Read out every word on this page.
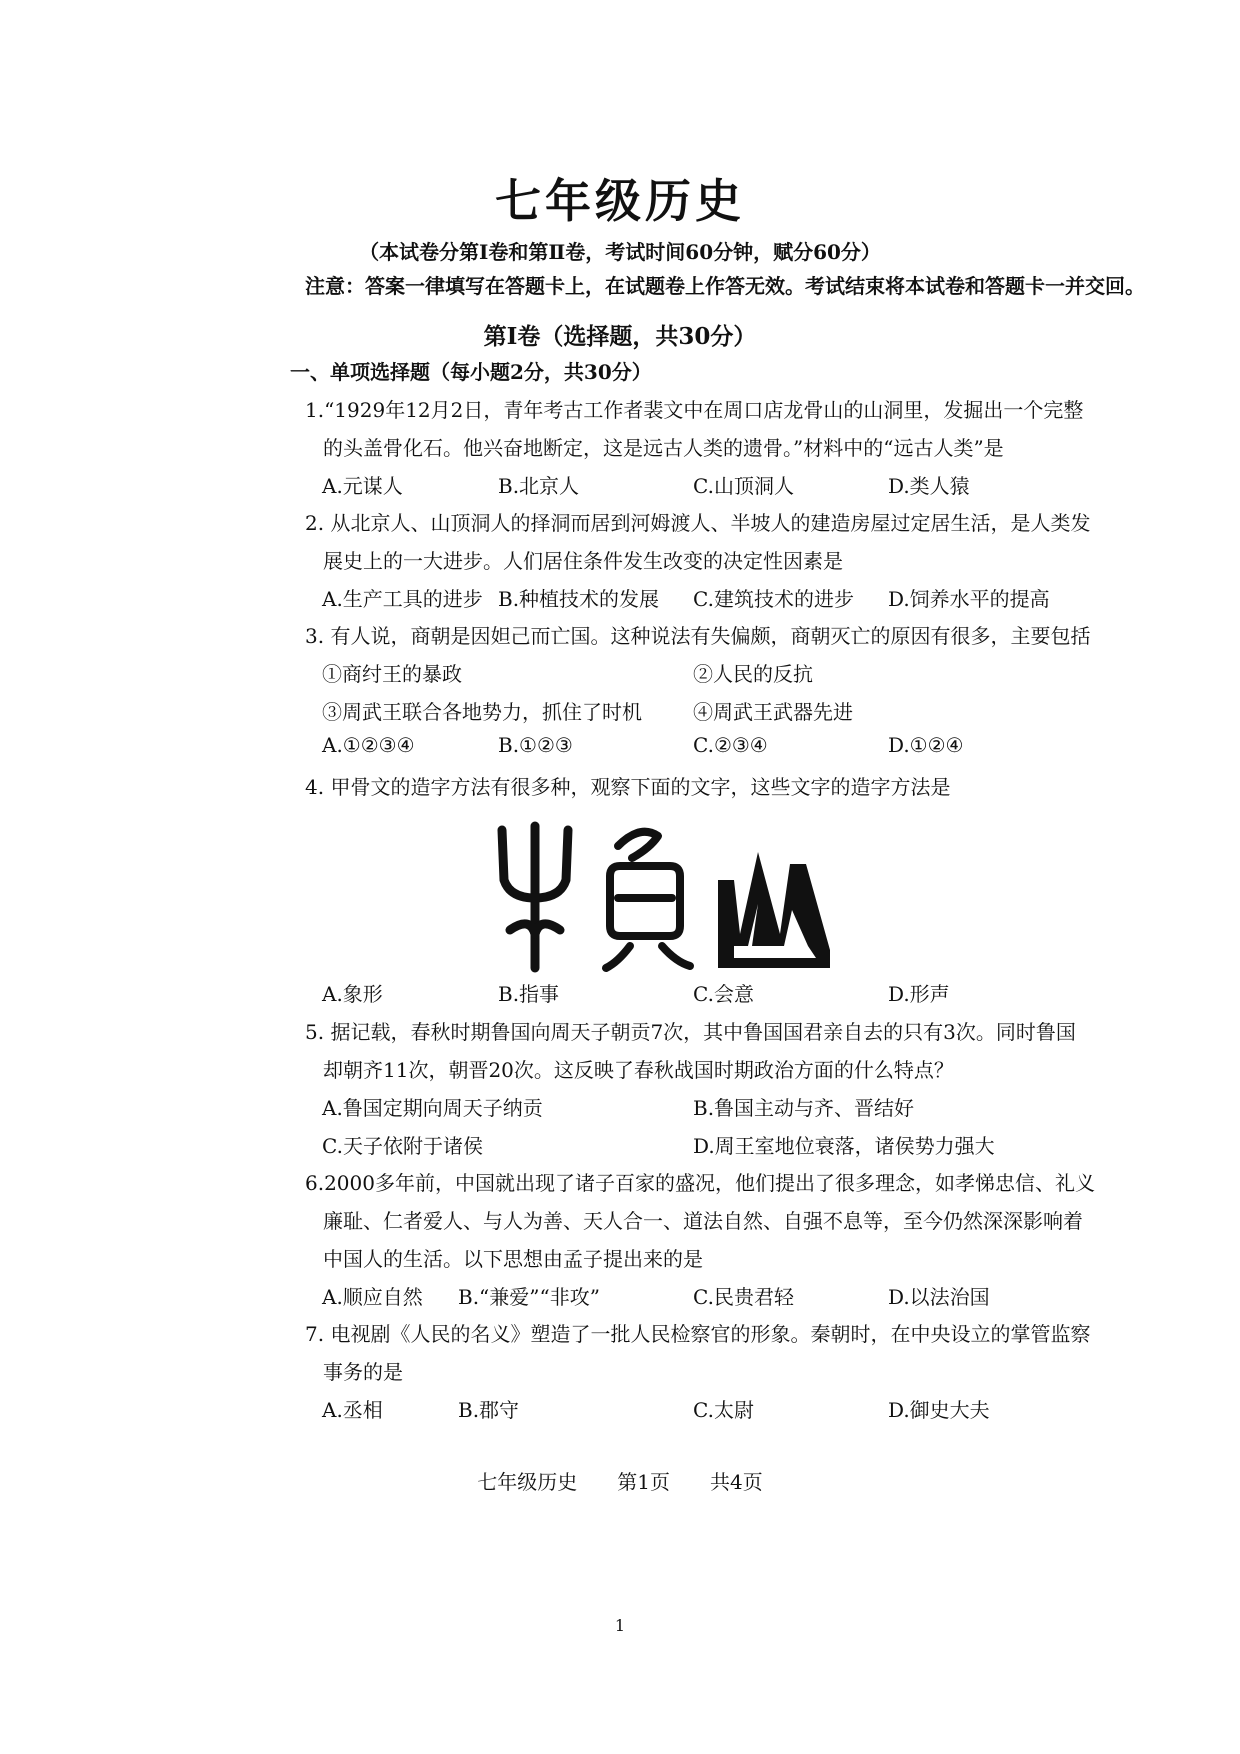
七年级历史
（本试卷分第Ⅰ卷和第Ⅱ卷，考试时间60分钟，赋分60分）
注意：答案一律填写在答题卡上，在试题卷上作答无效。考试结束将本试卷和答题卡一并交回。
第Ⅰ卷（选择题，共30分）
一、单项选择题（每小题2分，共30分）
1.“1929年12月2日，青年考古工作者裴文中在周口店龙骨山的山洞里，发掘出一个完整
的头盖骨化石。他兴奋地断定，这是远古人类的遗骨。”材料中的“远古人类”是
A.元谋人	B.北京人	C.山顶洞人	D.类人猿
2. 从北京人、山顶洞人的择洞而居到河姆渡人、半坡人的建造房屋过定居生活，是人类发
展史上的一大进步。人们居住条件发生改变的决定性因素是
A.生产工具的进步 B.种植技术的发展 C.建筑技术的进步 D.饲养水平的提高
3. 有人说，商朝是因妲己而亡国。这种说法有失偏颇，商朝灭亡的原因有很多，主要包括
①商纣王的暴政	②人民的反抗
③周武王联合各地势力，抓住了时机	④周武王武器先进
A.①②③④	B.①②③	C.②③④	D.①②④
4. 甲骨文的造字方法有很多种，观察下面的文字，这些文字的造字方法是
A.象形	B.指事	C.会意	D.形声
5. 据记载，春秋时期鲁国向周天子朝贡7次，其中鲁国国君亲自去的只有3次。同时鲁国
却朝齐11次，朝晋20次。这反映了春秋战国时期政治方面的什么特点？
A.鲁国定期向周天子纳贡	B.鲁国主动与齐、晋结好
C.天子依附于诸侯	D.周王室地位衰落，诸侯势力强大
6.2000多年前，中国就出现了诸子百家的盛况，他们提出了很多理念，如孝悌忠信、礼义
廉耻、仁者爱人、与人为善、天人合一、道法自然、自强不息等，至今仍然深深影响着
中国人的生活。以下思想由孟子提出来的是
A.顺应自然 B.“兼爱”“非攻”	C.民贵君轻	D.以法治国
7. 电视剧《人民的名义》塑造了一批人民检察官的形象。秦朝时，在中央设立的掌管监察
事务的是
A.丞相	B.郡守	C.太尉	D.御史大夫
七年级历史　　第1页　　共4页
1
